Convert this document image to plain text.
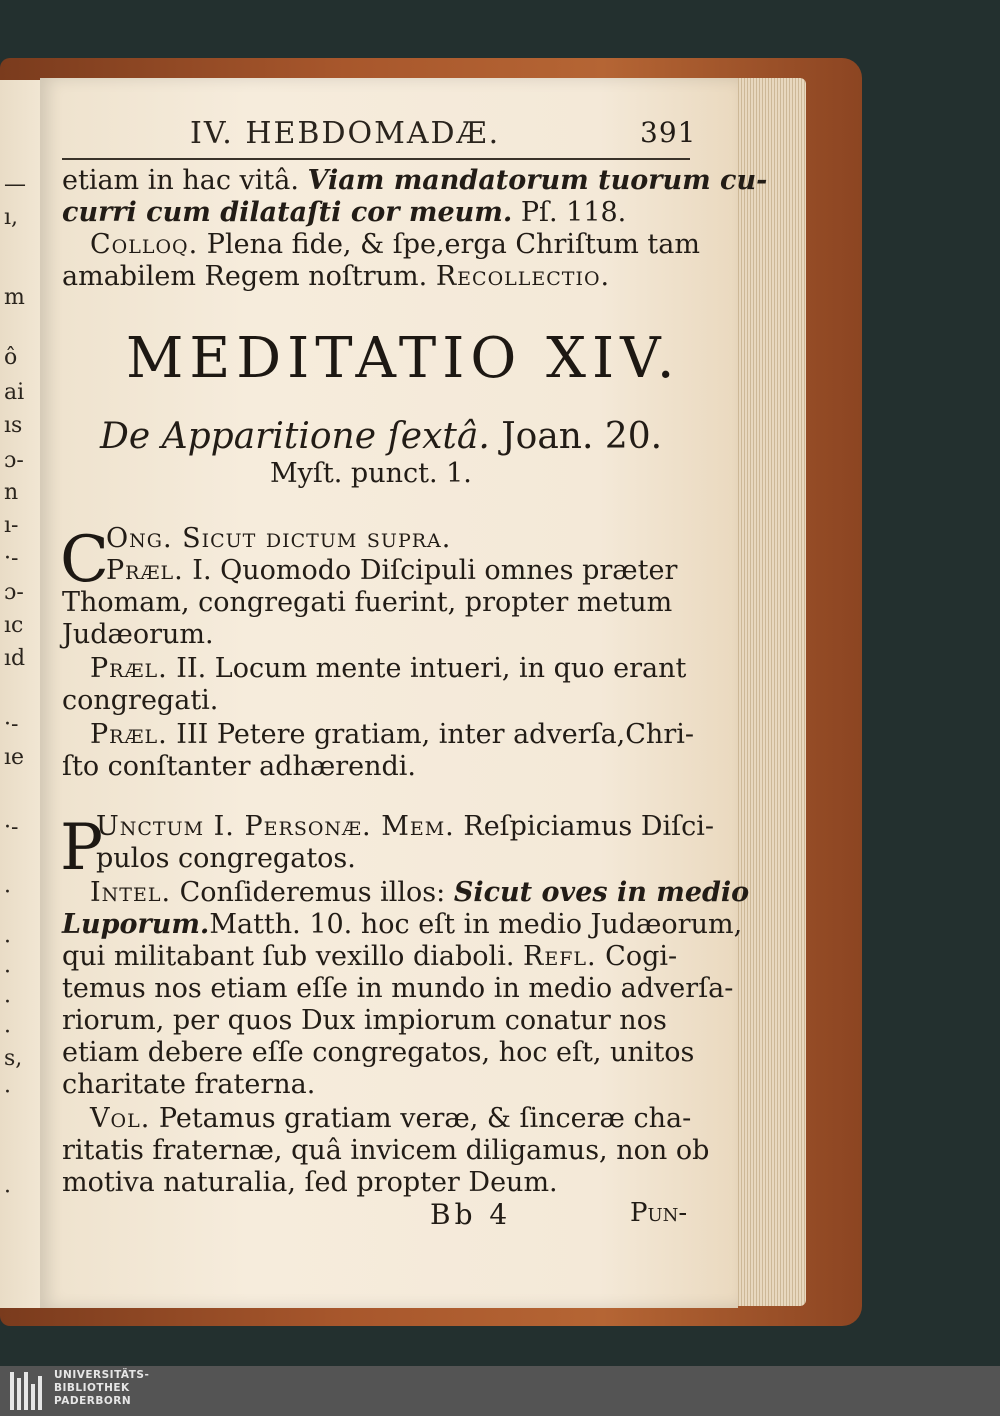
—
ı,
m
ô
ai
ıs
ɔ-
n
ı-
·-
ɔ-
ıc
ıd
·-
ıe
·-
·
·
·
·
·
s,
·
·
IV. HEBDOMADÆ.	391
etiam in hac vitâ. Viam mandatorum tuorum cu-
curri cum dilataſti cor meum. Pſ. 118.
Colloq. Plena fide, & ſpe,erga Chriſtum tam
amabilem Regem noſtrum. Recollectio.
MEDITATIO XIV.
De Apparitione ſextâ. Joan. 20.
Myſt. punct. 1.
C
Ong. Sicut dictum ſupra.
Præl. I. Quomodo Diſcipuli omnes præter
Thomam, congregati fuerint, propter metum
Judæorum.
Præl. II. Locum mente intueri, in quo erant
congregati.
Præl. III Petere gratiam, inter adverſa,Chri-
ſto conſtanter adhærendi.
P
Unctum I. Personæ. Mem. Reſpiciamus Diſci-
pulos congregatos.
Intel. Conſideremus illos: Sicut oves in medio
Luporum.Matth. 10. hoc eſt in medio Judæorum,
qui militabant ſub vexillo diaboli. Refl. Cogi-
temus nos etiam eſſe in mundo in medio adverſa-
riorum, per quos Dux impiorum conatur nos
etiam debere eſſe congregatos, hoc eſt, unitos
charitate fraterna.
Vol. Petamus gratiam veræ, & ſinceræ cha-
ritatis fraternæ, quâ invicem diligamus, non ob
motiva naturalia, ſed propter Deum.
Bb 4	Pun-
UNIVERSITÄTS-
BIBLIOTHEK
PADERBORN
